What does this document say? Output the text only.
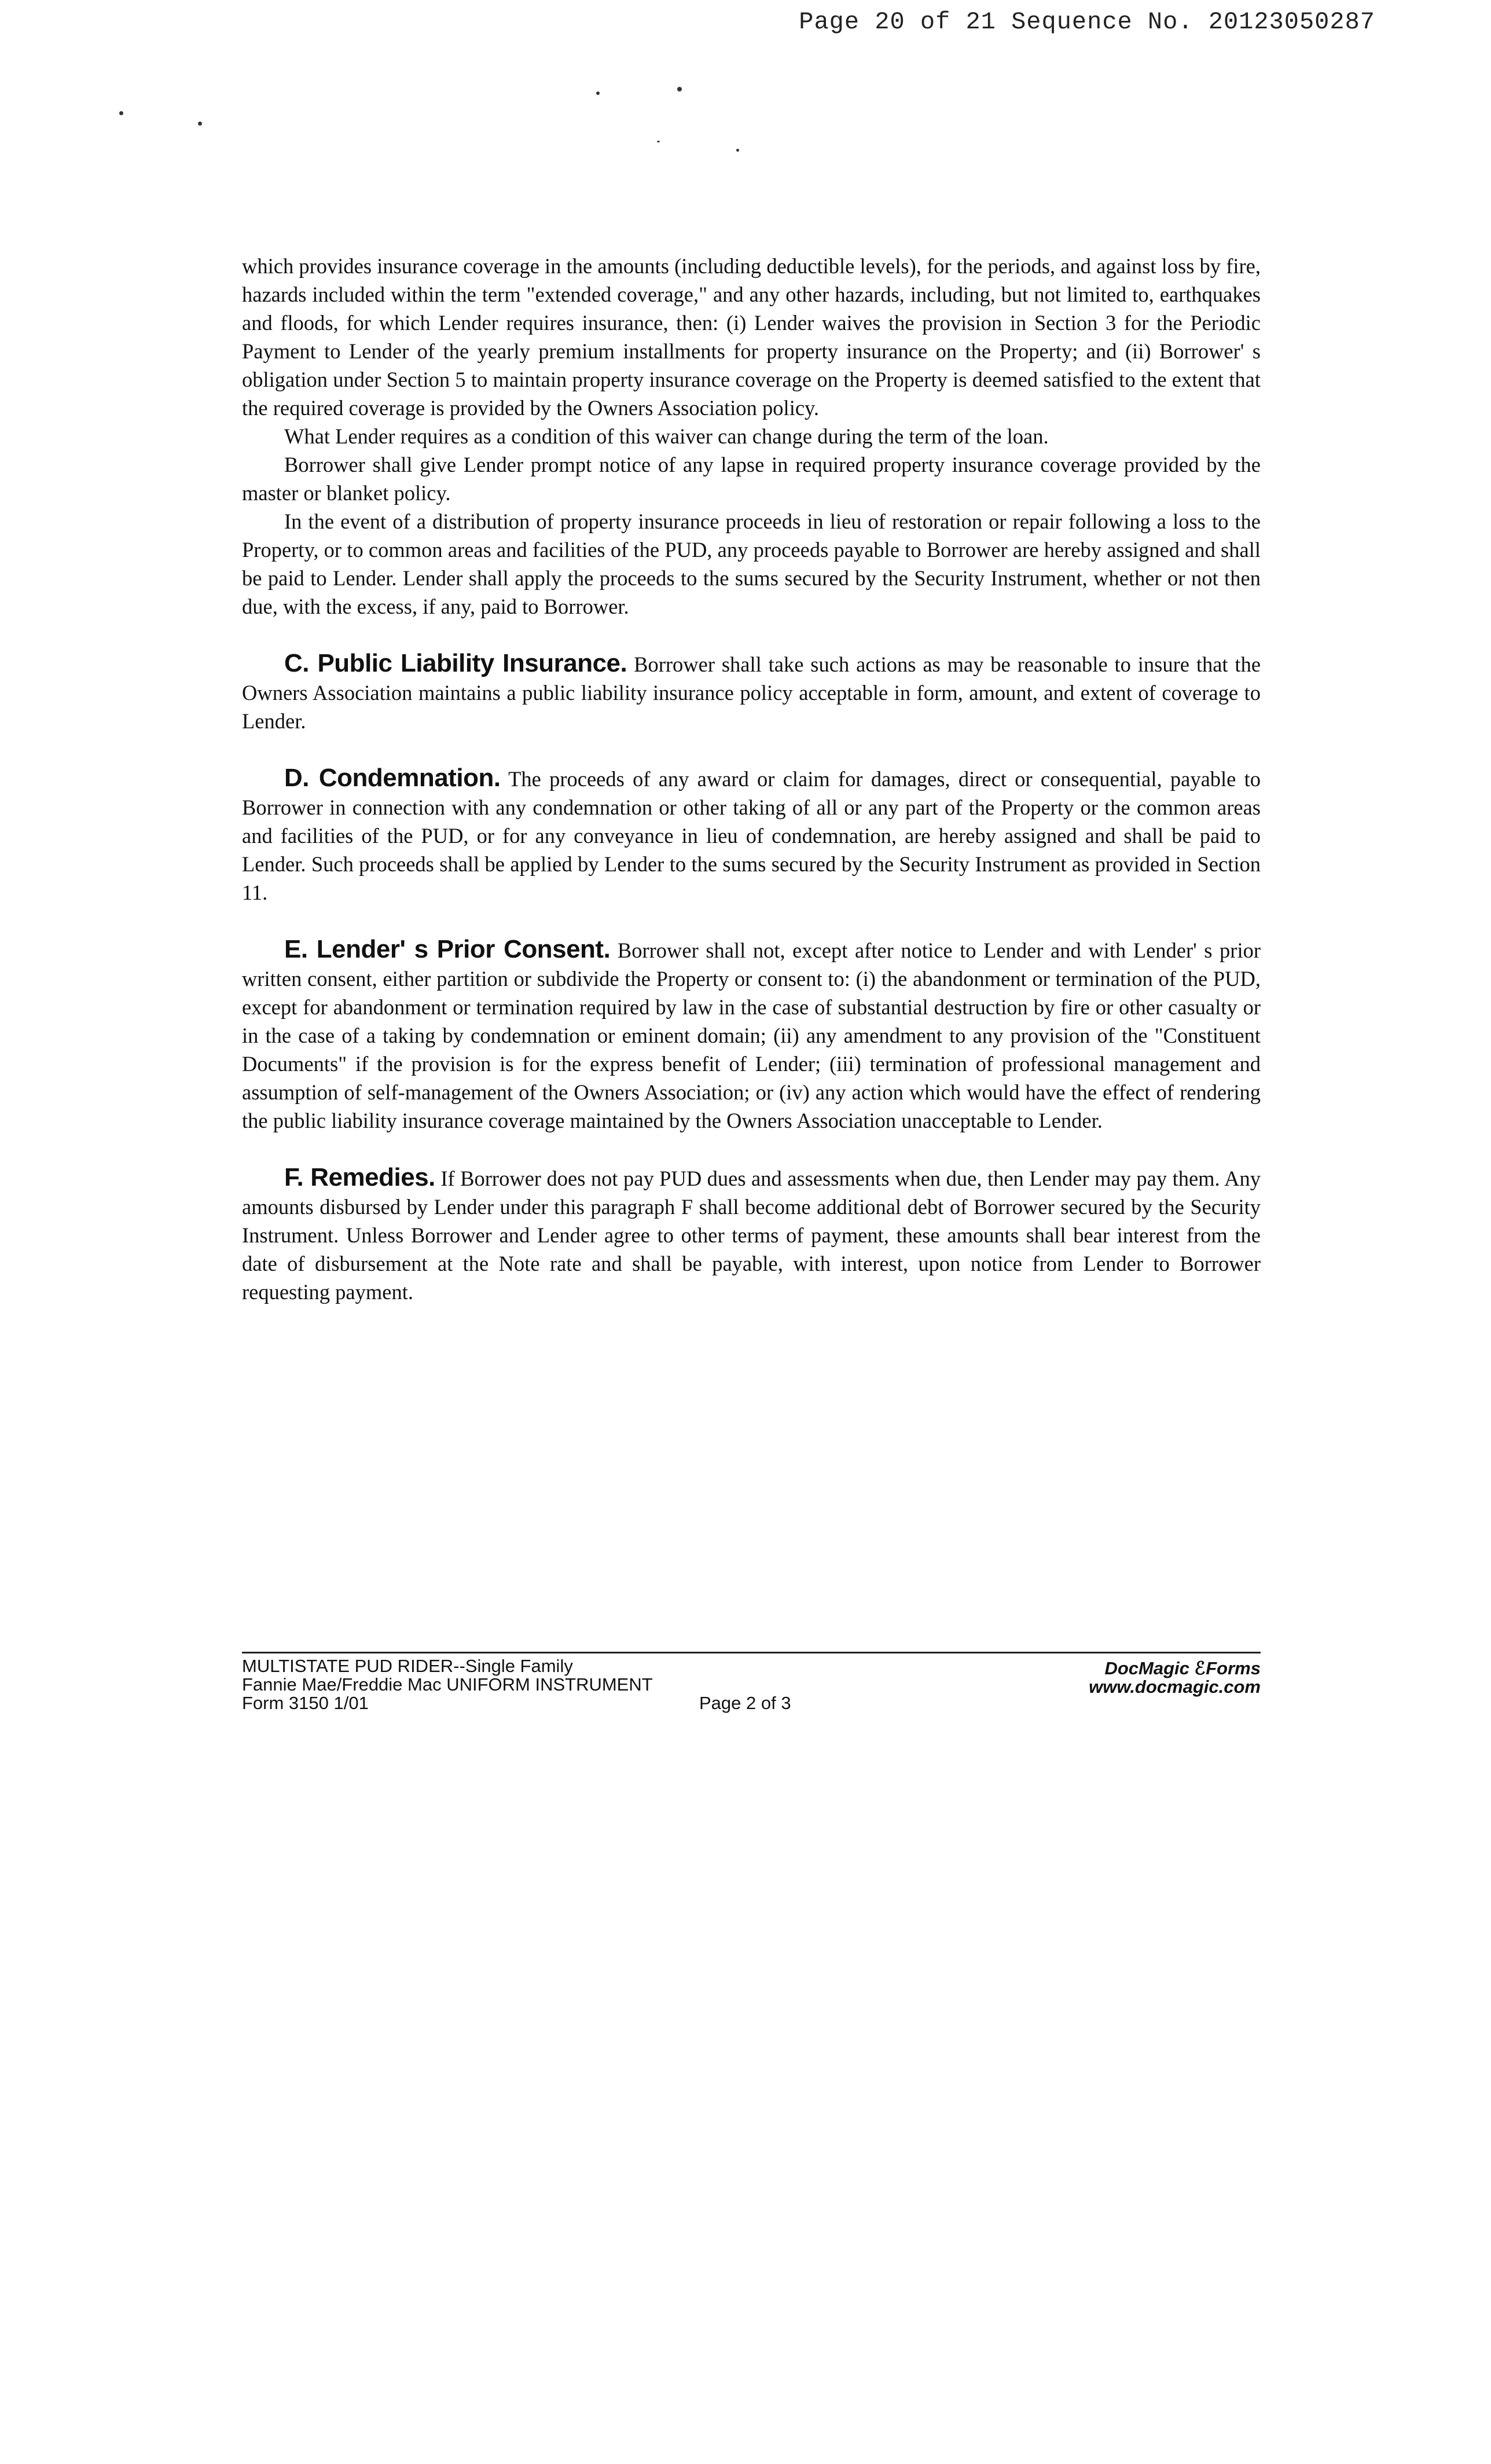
Page 20 of 21 Sequence No. 20123050287

which provides insurance coverage in the amounts (including deductible levels), for the periods, and against loss by fire, hazards included within the term "extended coverage," and any other hazards, including, but not limited to, earthquakes and floods, for which Lender requires insurance, then: (i) Lender waives the provision in Section 3 for the Periodic Payment to Lender of the yearly premium installments for property insurance on the Property; and (ii) Borrower' s obligation under Section 5 to maintain property insurance coverage on the Property is deemed satisfied to the extent that the required coverage is provided by the Owners Association policy.

What Lender requires as a condition of this waiver can change during the term of the loan.

Borrower shall give Lender prompt notice of any lapse in required property insurance coverage provided by the master or blanket policy.

In the event of a distribution of property insurance proceeds in lieu of restoration or repair following a loss to the Property, or to common areas and facilities of the PUD, any proceeds payable to Borrower are hereby assigned and shall be paid to Lender. Lender shall apply the proceeds to the sums secured by the Security Instrument, whether or not then due, with the excess, if any, paid to Borrower.

C. Public Liability Insurance. Borrower shall take such actions as may be reasonable to insure that the Owners Association maintains a public liability insurance policy acceptable in form, amount, and extent of coverage to Lender.

D. Condemnation. The proceeds of any award or claim for damages, direct or consequential, payable to Borrower in connection with any condemnation or other taking of all or any part of the Property or the common areas and facilities of the PUD, or for any conveyance in lieu of condemnation, are hereby assigned and shall be paid to Lender. Such proceeds shall be applied by Lender to the sums secured by the Security Instrument as provided in Section 11.

E. Lender' s Prior Consent. Borrower shall not, except after notice to Lender and with Lender' s prior written consent, either partition or subdivide the Property or consent to: (i) the abandonment or termination of the PUD, except for abandonment or termination required by law in the case of substantial destruction by fire or other casualty or in the case of a taking by condemnation or eminent domain; (ii) any amendment to any provision of the "Constituent Documents" if the provision is for the express benefit of Lender; (iii) termination of professional management and assumption of self-management of the Owners Association; or (iv) any action which would have the effect of rendering the public liability insurance coverage maintained by the Owners Association unacceptable to Lender.

F. Remedies. If Borrower does not pay PUD dues and assessments when due, then Lender may pay them. Any amounts disbursed by Lender under this paragraph F shall become additional debt of Borrower secured by the Security Instrument. Unless Borrower and Lender agree to other terms of payment, these amounts shall bear interest from the date of disbursement at the Note rate and shall be payable, with interest, upon notice from Lender to Borrower requesting payment.

MULTISTATE PUD RIDER--Single Family
Fannie Mae/Freddie Mac UNIFORM INSTRUMENT
Form 3150 1/01	Page 2 of 3
DocMagic ℰForms
www.docmagic.com
